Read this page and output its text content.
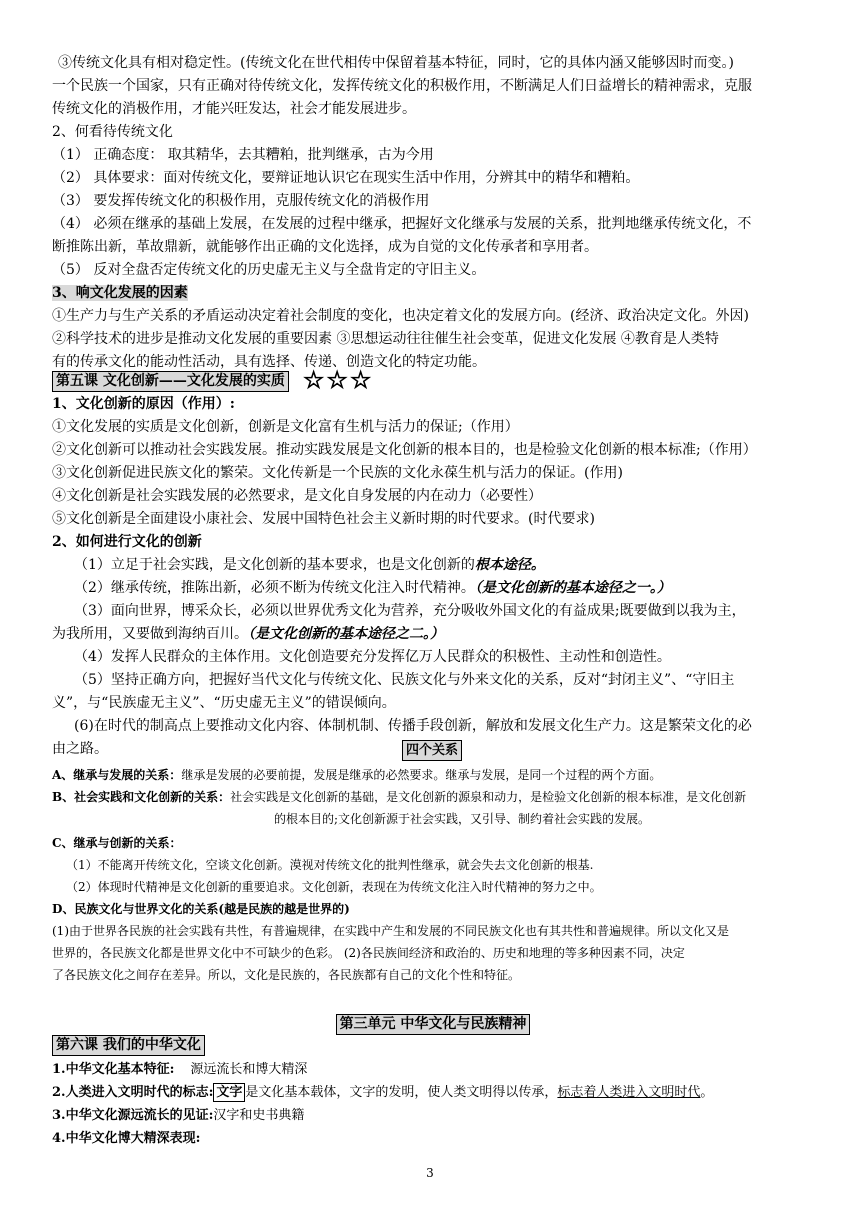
③传统文化具有相对稳定性。(传统文化在世代相传中保留着基本特征，同时，它的具体内涵又能够因时而变。)
一个民族一个国家，只有正确对待传统文化，发挥传统文化的积极作用，不断满足人们日益增长的精神需求，克服
传统文化的消极作用，才能兴旺发达，社会才能发展进步。
2、何看待传统文化
（1） 正确态度： 取其精华，去其糟粕，批判继承，古为今用
（2） 具体要求：面对传统文化，要辩证地认识它在现实生活中作用，分辨其中的精华和糟粕。
（3） 要发挥传统文化的积极作用，克服传统文化的消极作用
（4） 必须在继承的基础上发展，在发展的过程中继承，把握好文化继承与发展的关系，批判地继承传统文化，不
断推陈出新，革故鼎新，就能够作出正确的文化选择，成为自觉的文化传承者和享用者。
（5） 反对全盘否定传统文化的历史虚无主义与全盘肯定的守旧主义。
3、响文化发展的因素
①生产力与生产关系的矛盾运动决定着社会制度的变化，也决定着文化的发展方向。(经济、政治决定文化。外因)
②科学技术的进步是推动文化发展的重要因素 ③思想运动往往催生社会变革，促进文化发展 ④教育是人类特
有的传承文化的能动性活动，具有选择、传递、创造文化的特定功能。
第五课 文化创新——文化发展的实质 ☆☆☆
1、文化创新的原因（作用）:
①文化发展的实质是文化创新，创新是文化富有生机与活力的保证;（作用）
②文化创新可以推动社会实践发展。推动实践发展是文化创新的根本目的，也是检验文化创新的根本标准;（作用）
③文化创新促进民族文化的繁荣。文化传新是一个民族的文化永葆生机与活力的保证。(作用)
④文化创新是社会实践发展的必然要求，是文化自身发展的内在动力（必要性）
⑤文化创新是全面建设小康社会、发展中国特色社会主义新时期的时代要求。(时代要求)
2、如何进行文化的创新
（1）立足于社会实践，是文化创新的基本要求，也是文化创新的根本途径。
（2）继承传统，推陈出新，必须不断为传统文化注入时代精神。（是文化创新的基本途径之一。）
（3）面向世界，博采众长，必须以世界优秀文化为营养，充分吸收外国文化的有益成果;既要做到以我为主，
为我所用，又要做到海纳百川。（是文化创新的基本途径之二。）
（4）发挥人民群众的主体作用。文化创造要充分发挥亿万人民群众的积极性、主动性和创造性。
（5）坚持正确方向，把握好当代文化与传统文化、民族文化与外来文化的关系，反对“封闭主义”、“守旧主
义”，与“民族虚无主义”、“历史虚无主义”的错误倾向。
(6)在时代的制高点上要推动文化内容、体制机制、传播手段创新，解放和发展文化生产力。这是繁荣文化的必
由之路。	四个关系
A、继承与发展的关系：继承是发展的必要前提，发展是继承的必然要求。继承与发展，是同一个过程的两个方面。
B、社会实践和文化创新的关系：社会实践是文化创新的基础，是文化创新的源泉和动力，是检验文化创新的根本标准，是文化创新
的根本目的;文化创新源于社会实践，又引导、制约着社会实践的发展。
C、继承与创新的关系：
（1）不能离开传统文化，空谈文化创新。漠视对传统文化的批判性继承，就会失去文化创新的根基.
（2）体现时代精神是文化创新的重要追求。文化创新，表现在为传统文化注入时代精神的努力之中。
D、民族文化与世界文化的关系(越是民族的越是世界的)
(1)由于世界各民族的社会实践有共性，有普遍规律，在实践中产生和发展的不同民族文化也有其共性和普遍规律。所以文化又是
世界的，各民族文化都是世界文化中不可缺少的色彩。 (2)各民族间经济和政治的、历史和地理的等多种因素不同，决定
了各民族文化之间存在差异。所以，文化是民族的，各民族都有自己的文化个性和特征。
第三单元 中华文化与民族精神
第六课 我们的中华文化
1.中华文化基本特征: 源远流长和博大精深
2.人类进入文明时代的标志: 文字 是文化基本载体，文字的发明，使人类文明得以传承，标志着人类进入文明时代。
3.中华文化源远流长的见证:汉字和史书典籍
4.中华文化博大精深表现:
3
